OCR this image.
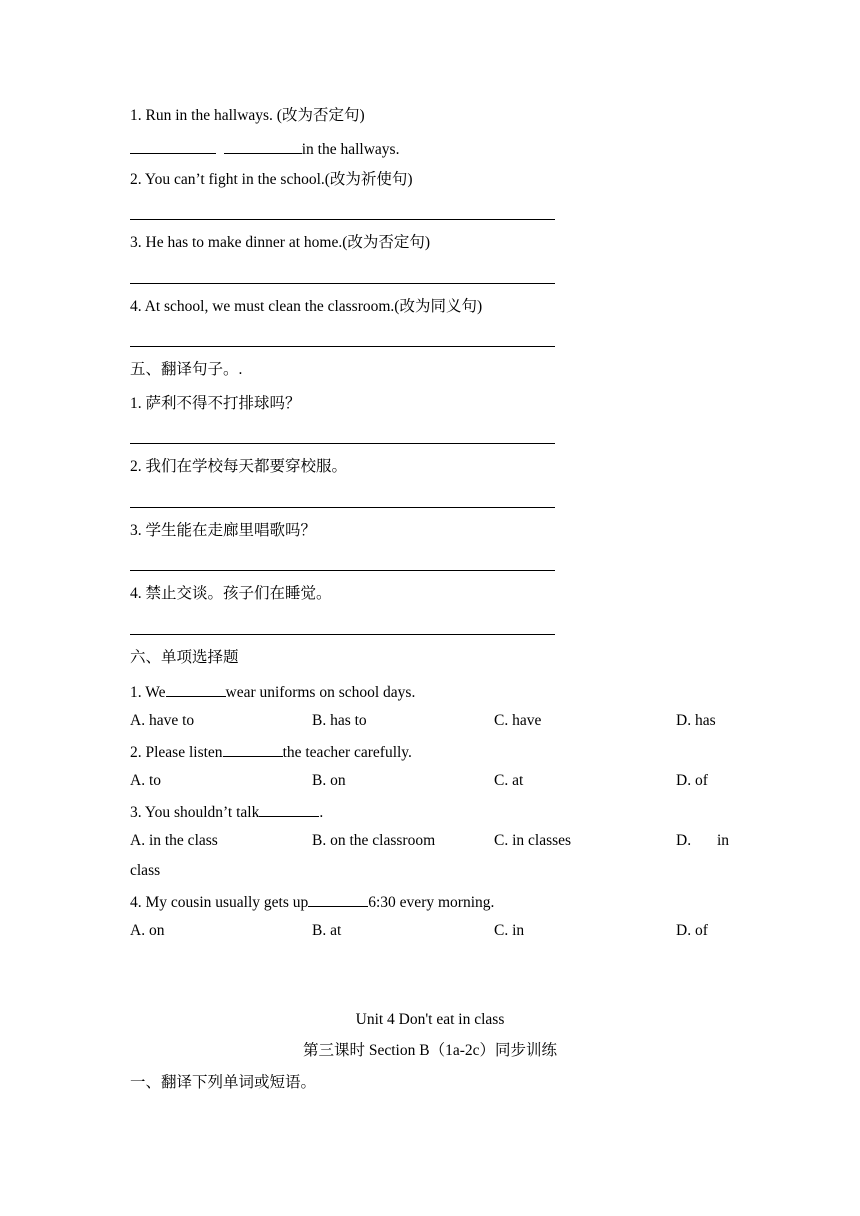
1. Run in the hallways. (改为否定句)
in the hallways.
2. You can’t fight in the school.(改为祈使句)
3. He has to make dinner at home.(改为否定句)
4. At school, we must clean the classroom.(改为同义句)
五、翻译句子。.
1. 萨利不得不打排球吗？
2. 我们在学校每天都要穿校服。
3. 学生能在走廊里唱歌吗？
4. 禁止交谈。孩子们在睡觉。
六、单项选择题
1. We	wear uniforms on school days.
A. have to	B. has to	C. have	D. has
2. Please listen	the teacher carefully.
A. to	B. on	C. at	D. of
3. You shouldn’t talk	.
A. in the class	B. on the classroom	C. in classes	D. in
class
4. My cousin usually gets up	6:30 every morning.
A. on	B. at	C. in	D. of
Unit 4 Don't eat in class
第三课时 Section B（1a-2c）同步训练
一、翻译下列单词或短语。
